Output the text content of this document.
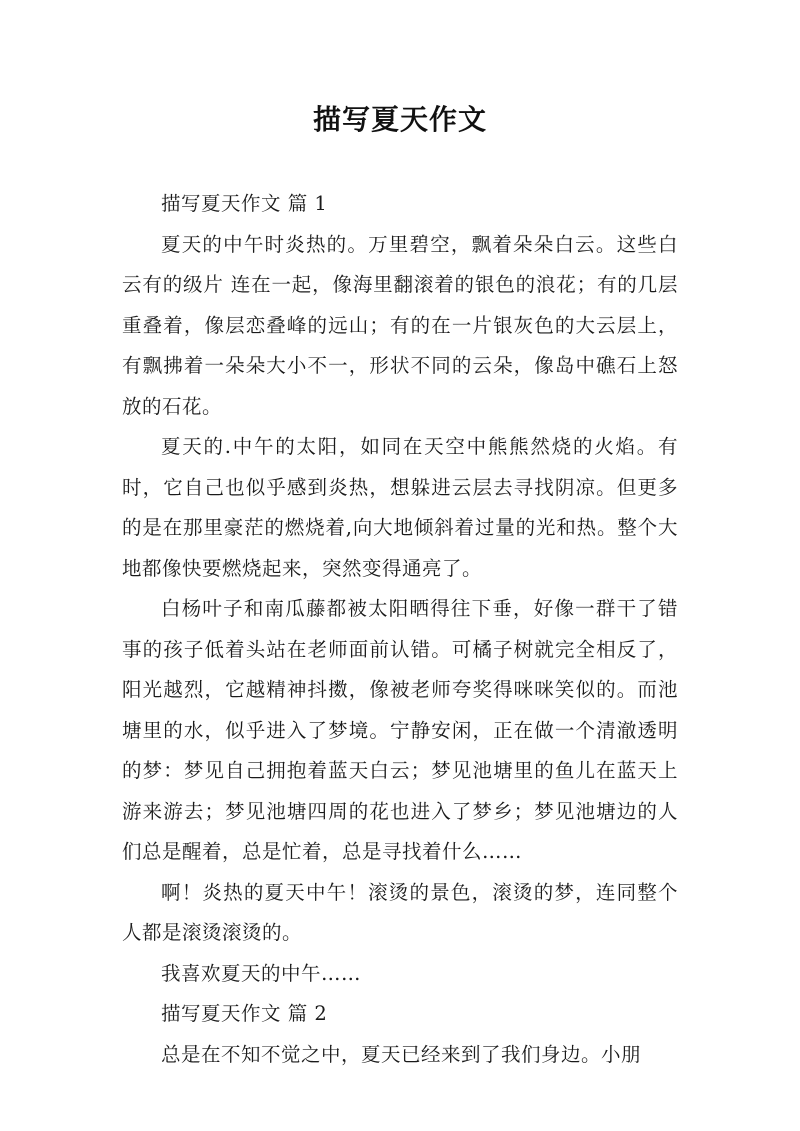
描写夏天作文

描写夏天作文 篇 1

夏天的中午时炎热的。万里碧空，飘着朵朵白云。这些白云有的级片 连在一起，像海里翻滚着的银色的浪花；有的几层重叠着，像层恋叠峰的远山；有的在一片银灰色的大云层上，有飘拂着一朵朵大小不一，形状不同的云朵，像岛中礁石上怒放的石花。

夏天的.中午的太阳，如同在天空中熊熊然烧的火焰。有时，它自己也似乎感到炎热，想躲进云层去寻找阴凉。但更多的是在那里豪茫的燃烧着,向大地倾斜着过量的光和热。整个大地都像快要燃烧起来，突然变得通亮了。

白杨叶子和南瓜藤都被太阳晒得往下垂，好像一群干了错事的孩子低着头站在老师面前认错。可橘子树就完全相反了，阳光越烈，它越精神抖擞，像被老师夸奖得咪咪笑似的。而池塘里的水，似乎进入了梦境。宁静安闲，正在做一个清澈透明的梦：梦见自己拥抱着蓝天白云；梦见池塘里的鱼儿在蓝天上游来游去；梦见池塘四周的花也进入了梦乡；梦见池塘边的人们总是醒着，总是忙着，总是寻找着什么……

啊！炎热的夏天中午！滚烫的景色，滚烫的梦，连同整个人都是滚烫滚烫的。

我喜欢夏天的中午……

描写夏天作文 篇 2

总是在不知不觉之中，夏天已经来到了我们身边。小朋
